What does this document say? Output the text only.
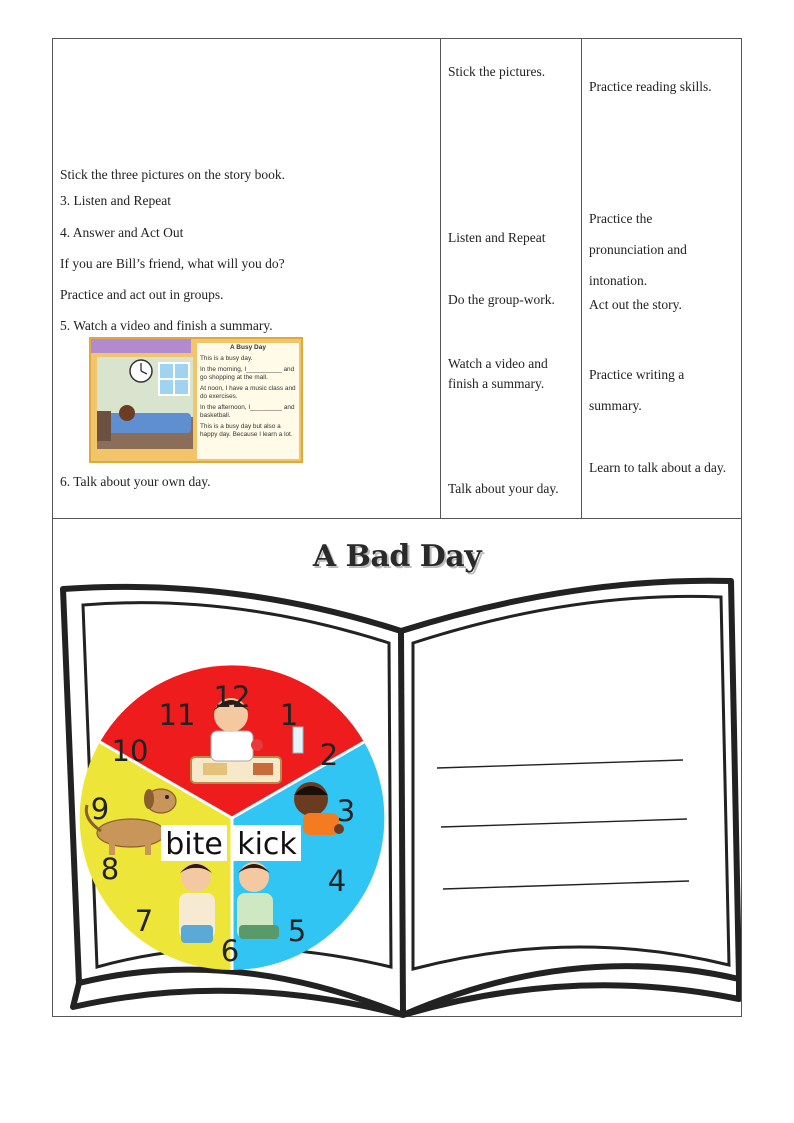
Stick the three pictures on the story book.
3. Listen and Repeat
4. Answer and Act Out
If you are Bill’s friend, what will you do?
Practice and act out in groups.
5. Watch a video and finish a summary.
A Busy Day
This is a busy day.
In the morning, I__________ and go shopping at the mall.
At noon, I have a music class and do exercises.
In the afternoon, I_________ and basketball.
This is a busy day but also a happy day. Because I learn a lot.
6. Talk about your own day.
Stick the pictures.
Listen and Repeat
Do the group-work.
Watch a video and finish a summary.
Talk about your day.
Practice reading skills.
Practice the pronunciation and intonation.
Act out the story.
Practice writing a summary.
Learn to talk about a day.
A Bad Day
bite kick
12
1
2
3
4
5
6
7
8
9
10
11
